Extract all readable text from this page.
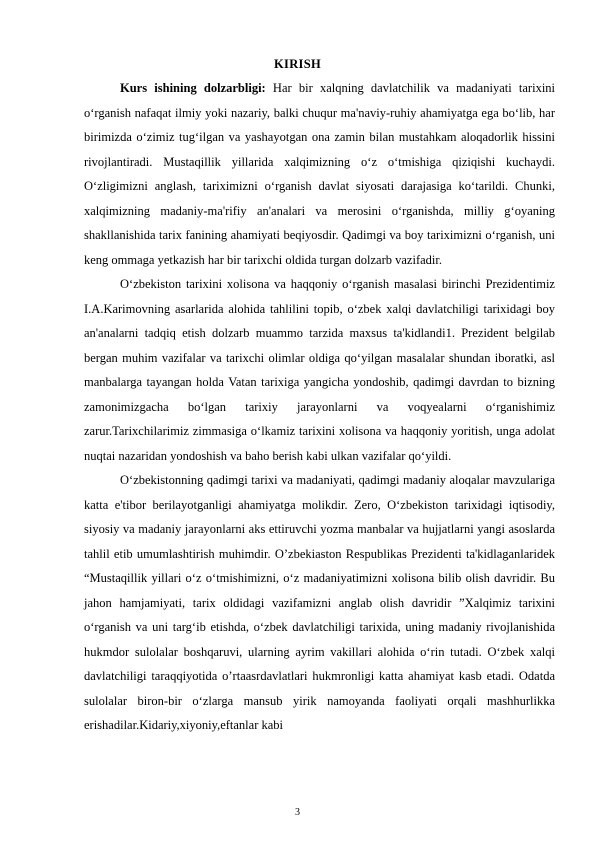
KIRISH

Kurs ishining dolzarbligi: Har bir xalqning davlatchilik va madaniyati tarixini o‘rganish nafaqat ilmiy yoki nazariy, balki chuqur ma'naviy-ruhiy ahamiyatga ega bo‘lib, har birimizda o‘zimiz tug‘ilgan va yashayotgan ona zamin bilan mustahkam aloqadorlik hissini rivojlantiradi. Mustaqillik yillarida xalqimizning o‘z o‘tmishiga qiziqishi kuchaydi. O‘zligimizni anglash, tariximizni o‘rganish davlat siyosati darajasiga ko‘tarildi. Chunki, xalqimizning madaniy-ma'rifiy an'analari va merosini o‘rganishda, milliy g‘oyaning shakllanishida tarix fanining ahamiyati beqiyosdir. Qadimgi va boy tariximizni o‘rganish, uni keng ommaga yetkazish har bir tarixchi oldida turgan dolzarb vazifadir.

O‘zbekiston tarixini xolisona va haqqoniy o‘rganish masalasi birinchi Prezidentimiz I.A.Karimovning asarlarida alohida tahlilini topib, o‘zbek xalqi davlatchiligi tarixidagi boy an'analarni tadqiq etish dolzarb muammo tarzida maxsus ta'kidlandi1. Prezident belgilab bergan muhim vazifalar va tarixchi olimlar oldiga qo‘yilgan masalalar shundan iboratki, asl manbalarga tayangan holda Vatan tarixiga yangicha yondoshib, qadimgi davrdan to bizning zamonimizgacha bo‘lgan tarixiy jarayonlarni va voqyealarni o‘rganishimiz zarur.Tarixchilarimiz zimmasiga o‘lkamiz tarixini xolisona va haqqoniy yoritish, unga adolat nuqtai nazaridan yondoshish va baho berish kabi ulkan vazifalar qo‘yildi.

O‘zbekistonning qadimgi tarixi va madaniyati, qadimgi madaniy aloqalar mavzulariga katta e'tibor berilayotganligi ahamiyatga molikdir. Zero, O‘zbekiston tarixidagi iqtisodiy, siyosiy va madaniy jarayonlarni aks ettiruvchi yozma manbalar va hujjatlarni yangi asoslarda tahlil etib umumlashtirish muhimdir. O’zbekiaston Respublikas Prezidenti ta'kidlaganlaridek “Mustaqillik yillari o‘z o‘tmishimizni, o‘z madaniyatimizni xolisona bilib olish davridir. Bu jahon hamjamiyati, tarix oldidagi vazifamizni anglab olish davridir ”Xalqimiz tarixini o‘rganish va uni targ‘ib etishda, o‘zbek davlatchiligi tarixida, uning madaniy rivojlanishida hukmdor sulolalar boshqaruvi, ularning ayrim vakillari alohida o‘rin tutadi. O‘zbek xalqi davlatchiligi taraqqiyotida o’rtaasrdavlatlari hukmronligi katta ahamiyat kasb etadi. Odatda sulolalar biron-bir o‘zlarga mansub yirik namoyanda faoliyati orqali mashhurlikka erishadilar.Kidariy,xiyoniy,eftanlar kabi

3
